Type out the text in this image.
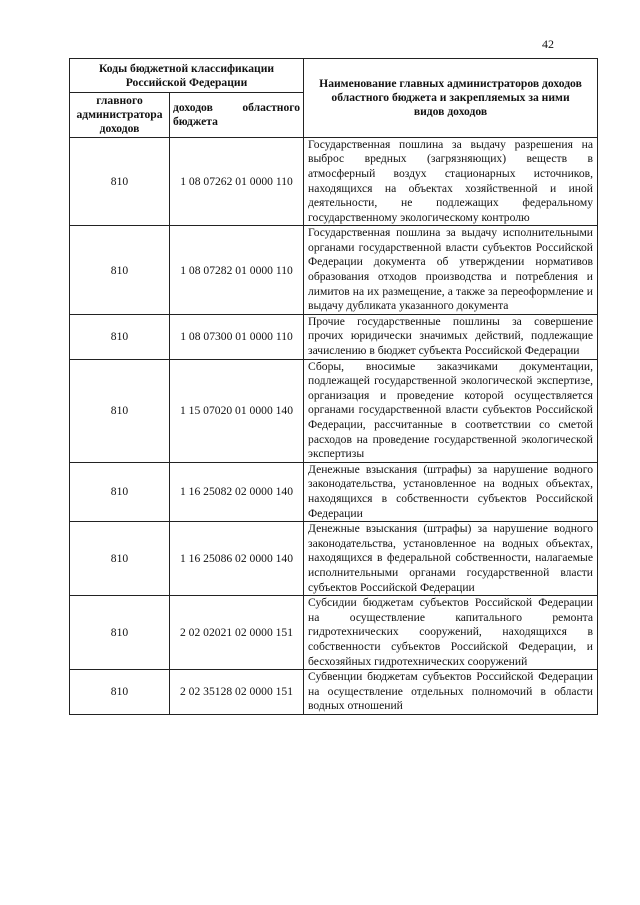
42
Коды бюджетной классификации Российской Федерации		Наименование главных администраторов доходов областного бюджета и закрепляемых за ними видов доходов
главного администратора доходов	доходов областного бюджета	
810	1 08 07262 01 0000 110	Государственная пошлина за выдачу разрешения на выброс вредных (загрязняющих) веществ в атмосферный воздух стационарных источников, находящихся на объектах хозяйственной и иной деятельности, не подлежащих федеральному государственному экологическому контролю
810	1 08 07282 01 0000 110	Государственная пошлина за выдачу исполнительными органами государственной власти субъектов Российской Федерации документа об утверждении нормативов образования отходов производства и потребления и лимитов на их размещение, а также за переоформление и выдачу дубликата указанного документа
810	1 08 07300 01 0000 110	Прочие государственные пошлины за совершение прочих юридически значимых действий, подлежащие зачислению в бюджет субъекта Российской Федерации
810	1 15 07020 01 0000 140	Сборы, вносимые заказчиками документации, подлежащей государственной экологической экспертизе, организация и проведение которой осуществляется органами государственной власти субъектов Российской Федерации, рассчитанные в соответствии со сметой расходов на проведение государственной экологической экспертизы
810	1 16 25082 02 0000 140	Денежные взыскания (штрафы) за нарушение водного законодательства, установленное на водных объектах, находящихся в собственности субъектов Российской Федерации
810	1 16 25086 02 0000 140	Денежные взыскания (штрафы) за нарушение водного законодательства, установленное на водных объектах, находящихся в федеральной собственности, налагаемые исполнительными органами государственной власти субъектов Российской Федерации
810	2 02 02021 02 0000 151	Субсидии бюджетам субъектов Российской Федерации на осуществление капитального ремонта гидротехнических сооружений, находящихся в собственности субъектов Российской Федерации, и бесхозяйных гидротехнических сооружений
810	2 02 35128 02 0000 151	Субвенции бюджетам субъектов Российской Федерации на осуществление отдельных полномочий в области водных отношений
